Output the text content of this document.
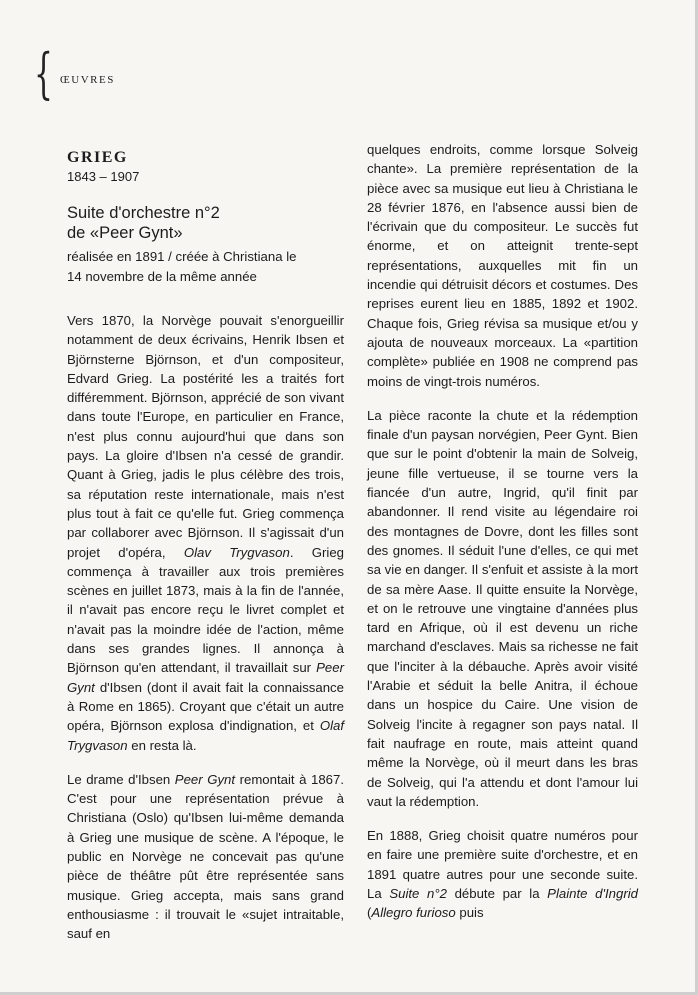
{ ŒUVRES
GRIEG
1843 – 1907
Suite d'orchestre n°2
de «Peer Gynt»
réalisée en 1891 / créée à Christiana le
14 novembre de la même année

Vers 1870, la Norvège pouvait s'enorgueillir notamment de deux écrivains, Henrik Ibsen et Björnsterne Björnson, et d'un compositeur, Edvard Grieg. La postérité les a traités fort différemment. Björnson, apprécié de son vivant dans toute l'Europe, en particulier en France, n'est plus connu aujourd'hui que dans son pays. La gloire d'Ibsen n'a cessé de grandir. Quant à Grieg, jadis le plus célèbre des trois, sa réputation reste internationale, mais n'est plus tout à fait ce qu'elle fut. Grieg commença par collaborer avec Björnson. Il s'agissait d'un projet d'opéra, Olav Trygvason. Grieg commença à travailler aux trois premières scènes en juillet 1873, mais à la fin de l'année, il n'avait pas encore reçu le livret complet et n'avait pas la moindre idée de l'action, même dans ses grandes lignes. Il annonça à Björnson qu'en attendant, il travaillait sur Peer Gynt d'Ibsen (dont il avait fait la connaissance à Rome en 1865). Croyant que c'était un autre opéra, Björnson explosa d'indignation, et Olaf Trygvason en resta là.

Le drame d'Ibsen Peer Gynt remontait à 1867. C'est pour une représentation prévue à Christiana (Oslo) qu'Ibsen lui-même demanda à Grieg une musique de scène. A l'époque, le public en Norvège ne concevait pas qu'une pièce de théâtre pût être représentée sans musique. Grieg accepta, mais sans grand enthousiasme : il trouvait le «sujet intraitable, sauf en

quelques endroits, comme lorsque Solveig chante». La première représentation de la pièce avec sa musique eut lieu à Christiana le 28 février 1876, en l'absence aussi bien de l'écrivain que du compositeur. Le succès fut énorme, et on atteignit trente-sept représentations, auxquelles mit fin un incendie qui détruisit décors et costumes. Des reprises eurent lieu en 1885, 1892 et 1902. Chaque fois, Grieg révisa sa musique et/ou y ajouta de nouveaux morceaux. La «partition complète» publiée en 1908 ne comprend pas moins de vingt-trois numéros.

La pièce raconte la chute et la rédemption finale d'un paysan norvégien, Peer Gynt. Bien que sur le point d'obtenir la main de Solveig, jeune fille vertueuse, il se tourne vers la fiancée d'un autre, Ingrid, qu'il finit par abandonner. Il rend visite au légendaire roi des montagnes de Dovre, dont les filles sont des gnomes. Il séduit l'une d'elles, ce qui met sa vie en danger. Il s'enfuit et assiste à la mort de sa mère Aase. Il quitte ensuite la Norvège, et on le retrouve une vingtaine d'années plus tard en Afrique, où il est devenu un riche marchand d'esclaves. Mais sa richesse ne fait que l'inciter à la débauche. Après avoir visité l'Arabie et séduit la belle Anitra, il échoue dans un hospice du Caire. Une vision de Solveig l'incite à regagner son pays natal. Il fait naufrage en route, mais atteint quand même la Norvège, où il meurt dans les bras de Solveig, qui l'a attendu et dont l'amour lui vaut la rédemption.

En 1888, Grieg choisit quatre numéros pour en faire une première suite d'orchestre, et en 1891 quatre autres pour une seconde suite. La Suite n°2 débute par la Plainte d'Ingrid (Allegro furioso puis
